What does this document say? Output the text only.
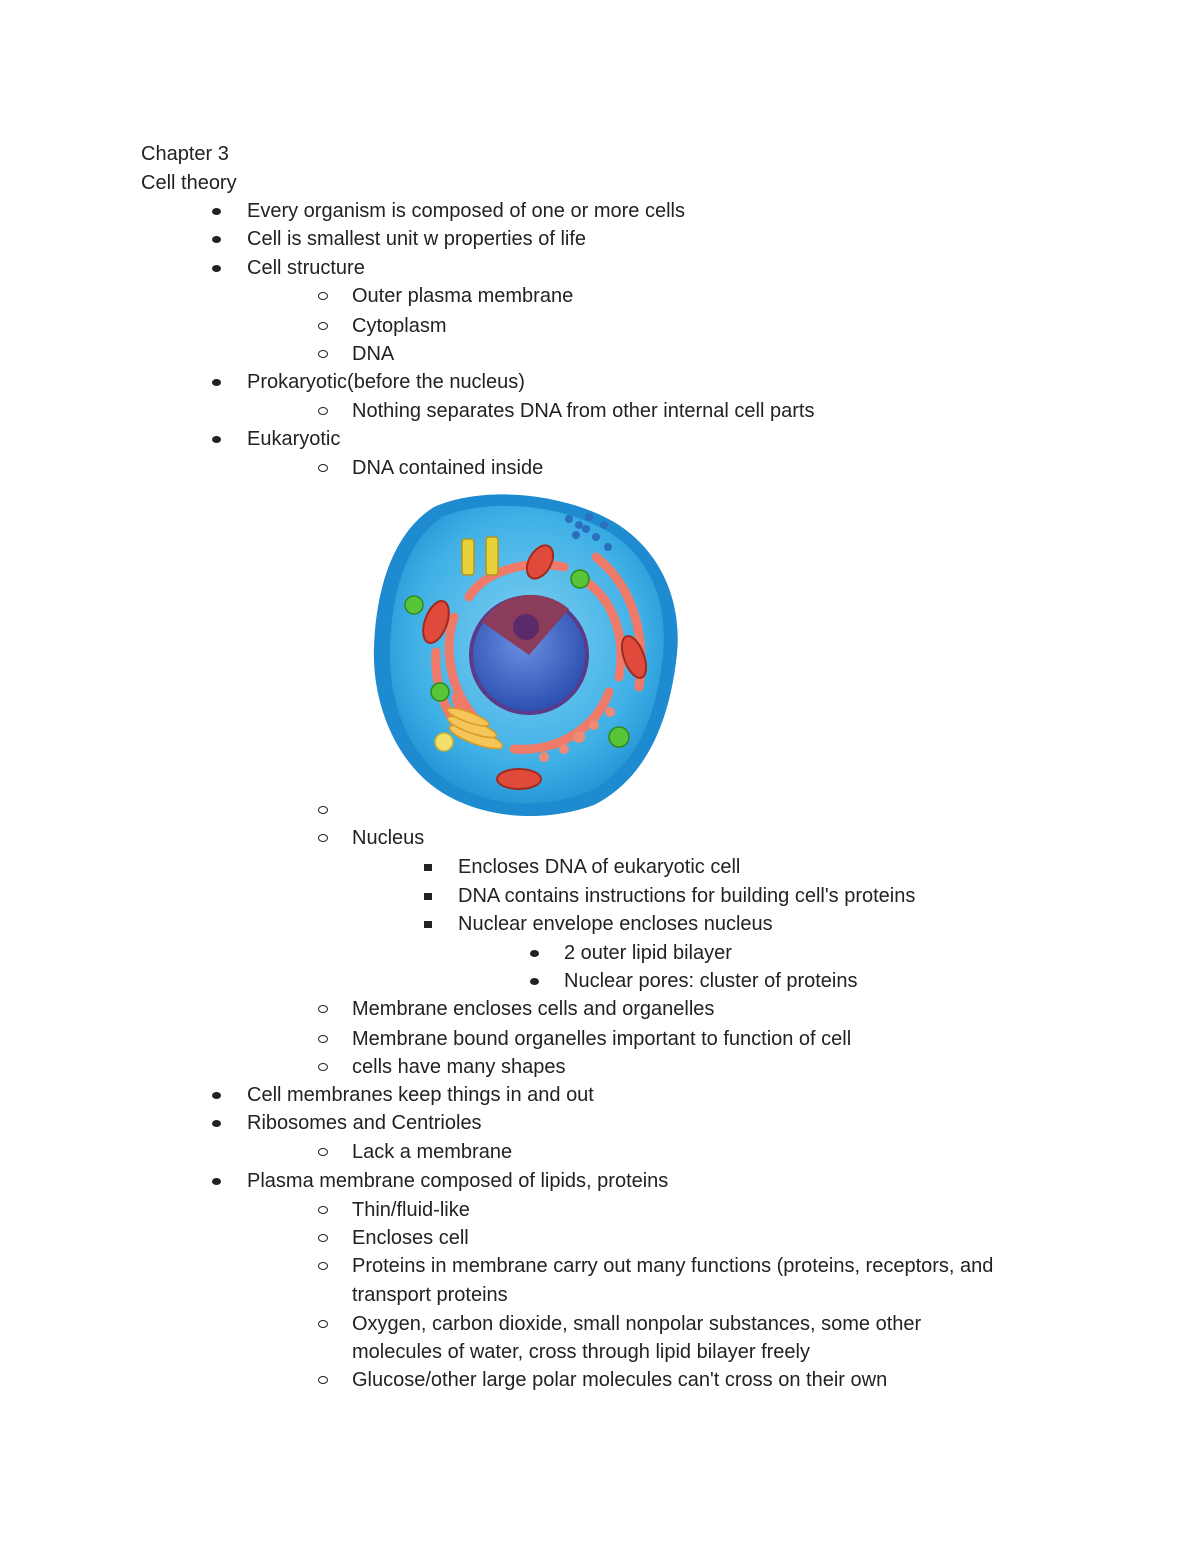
Chapter 3
Cell theory
Every organism is composed of one or more cells
Cell is smallest unit w properties of life
Cell structure
Outer plasma membrane
Cytoplasm
DNA
Prokaryotic(before the nucleus)
Nothing separates DNA from other internal cell parts
Eukaryotic
DNA contained inside
Nucleus
Encloses DNA of eukaryotic cell
DNA contains instructions for building cell's proteins
Nuclear envelope encloses nucleus
2 outer lipid bilayer
Nuclear pores: cluster of proteins
Membrane encloses cells and organelles
Membrane bound organelles important to function of cell
cells have many shapes
Cell membranes keep things in and out
Ribosomes and Centrioles
Lack a membrane
Plasma membrane composed of lipids, proteins
Thin/fluid-like
Encloses cell
Proteins in membrane carry out many functions (proteins, receptors, and
transport proteins
Oxygen, carbon dioxide, small nonpolar substances, some other
molecules of water, cross through lipid bilayer freely
Glucose/other large polar molecules can't cross on their own
